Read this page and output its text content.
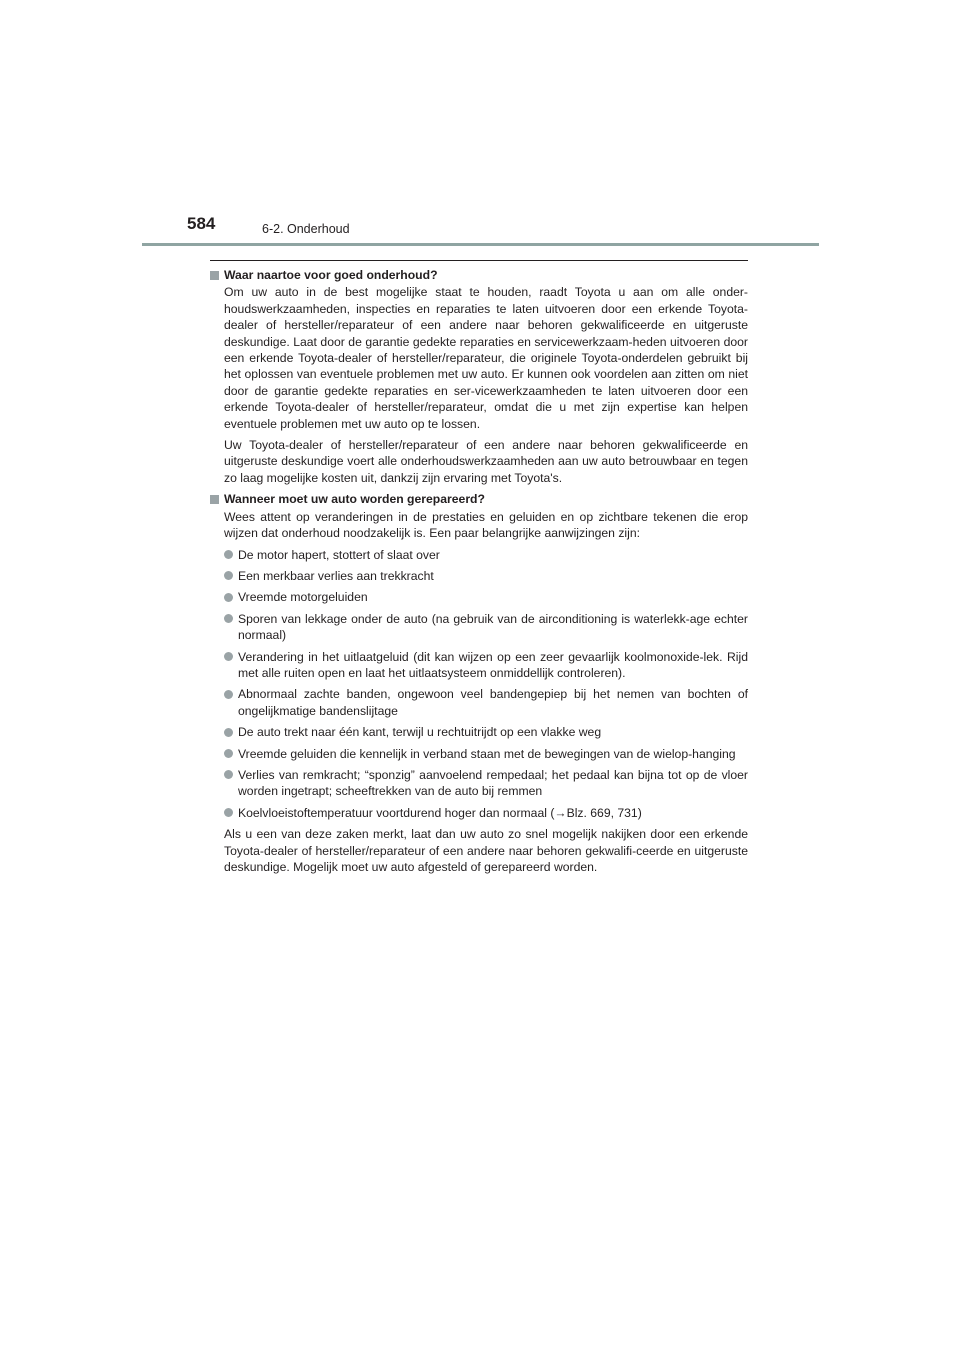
584	6-2. Onderhoud
Waar naartoe voor goed onderhoud?
Om uw auto in de best mogelijke staat te houden, raadt Toyota u aan om alle onder-houdswerkzaamheden, inspecties en reparaties te laten uitvoeren door een erkende Toyota-dealer of hersteller/reparateur of een andere naar behoren gekwalificeerde en uitgeruste deskundige. Laat door de garantie gedekte reparaties en servicewerkzaam-heden uitvoeren door een erkende Toyota-dealer of hersteller/reparateur, die originele Toyota-onderdelen gebruikt bij het oplossen van eventuele problemen met uw auto. Er kunnen ook voordelen aan zitten om niet door de garantie gedekte reparaties en ser-vicewerkzaamheden te laten uitvoeren door een erkende Toyota-dealer of hersteller/reparateur, omdat die u met zijn expertise kan helpen eventuele problemen met uw auto op te lossen.
Uw Toyota-dealer of hersteller/reparateur of een andere naar behoren gekwalificeerde en uitgeruste deskundige voert alle onderhoudswerkzaamheden aan uw auto betrouwbaar en tegen zo laag mogelijke kosten uit, dankzij zijn ervaring met Toyota's.
Wanneer moet uw auto worden gerepareerd?
Wees attent op veranderingen in de prestaties en geluiden en op zichtbare tekenen die erop wijzen dat onderhoud noodzakelijk is. Een paar belangrijke aanwijzingen zijn:
De motor hapert, stottert of slaat over
Een merkbaar verlies aan trekkracht
Vreemde motorgeluiden
Sporen van lekkage onder de auto (na gebruik van de airconditioning is waterlekk-age echter normaal)
Verandering in het uitlaatgeluid (dit kan wijzen op een zeer gevaarlijk koolmonoxide-lek. Rijd met alle ruiten open en laat het uitlaatsysteem onmiddellijk controleren).
Abnormaal zachte banden, ongewoon veel bandengepiep bij het nemen van bochten of ongelijkmatige bandenslijtage
De auto trekt naar één kant, terwijl u rechtuitrijdt op een vlakke weg
Vreemde geluiden die kennelijk in verband staan met de bewegingen van de wielop-hanging
Verlies van remkracht; “sponzig” aanvoelend rempedaal; het pedaal kan bijna tot op de vloer worden ingetrapt; scheeftrekken van de auto bij remmen
Koelvloeistoftemperatuur voortdurend hoger dan normaal (→Blz. 669, 731)
Als u een van deze zaken merkt, laat dan uw auto zo snel mogelijk nakijken door een erkende Toyota-dealer of hersteller/reparateur of een andere naar behoren gekwalifi-ceerde en uitgeruste deskundige. Mogelijk moet uw auto afgesteld of gerepareerd worden.
